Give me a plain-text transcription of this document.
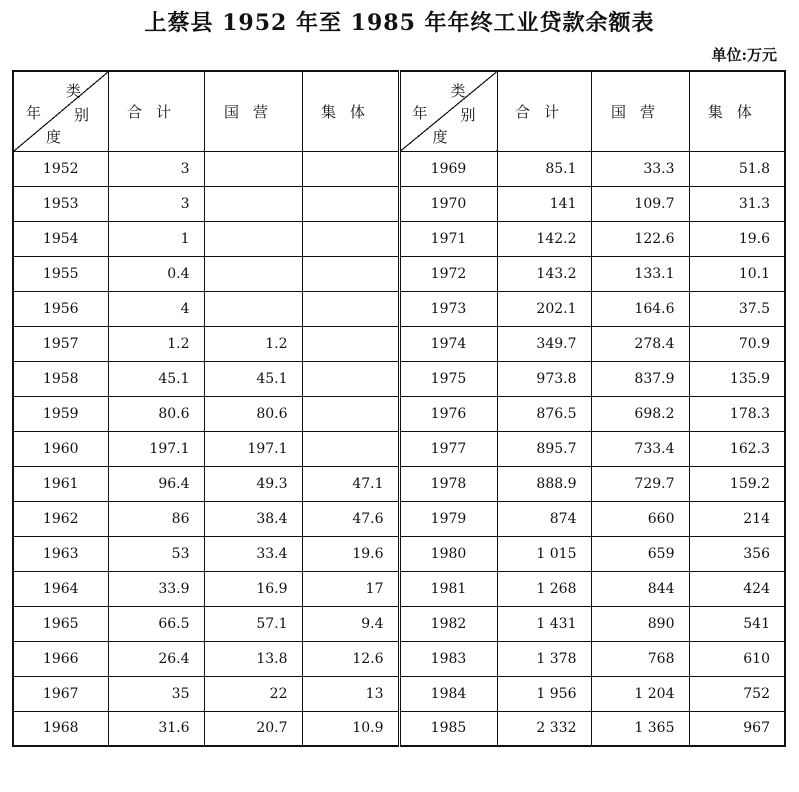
上蔡县 1952 年至 1985 年年终工业贷款余额表
单位:万元
类
别
年
度	合计	国营	集体	类
别
年
度	合计	国营	集体
1952	3			1969	85.1	33.3	51.8
1953	3			1970	141	109.7	31.3
1954	1			1971	142.2	122.6	19.6
1955	0.4			1972	143.2	133.1	10.1
1956	4			1973	202.1	164.6	37.5
1957	1.2	1.2		1974	349.7	278.4	70.9
1958	45.1	45.1		1975	973.8	837.9	135.9
1959	80.6	80.6		1976	876.5	698.2	178.3
1960	197.1	197.1		1977	895.7	733.4	162.3
1961	96.4	49.3	47.1	1978	888.9	729.7	159.2
1962	86	38.4	47.6	1979	874	660	214
1963	53	33.4	19.6	1980	1 015	659	356
1964	33.9	16.9	17	1981	1 268	844	424
1965	66.5	57.1	9.4	1982	1 431	890	541
1966	26.4	13.8	12.6	1983	1 378	768	610
1967	35	22	13	1984	1 956	1 204	752
1968	31.6	20.7	10.9	1985	2 332	1 365	967
